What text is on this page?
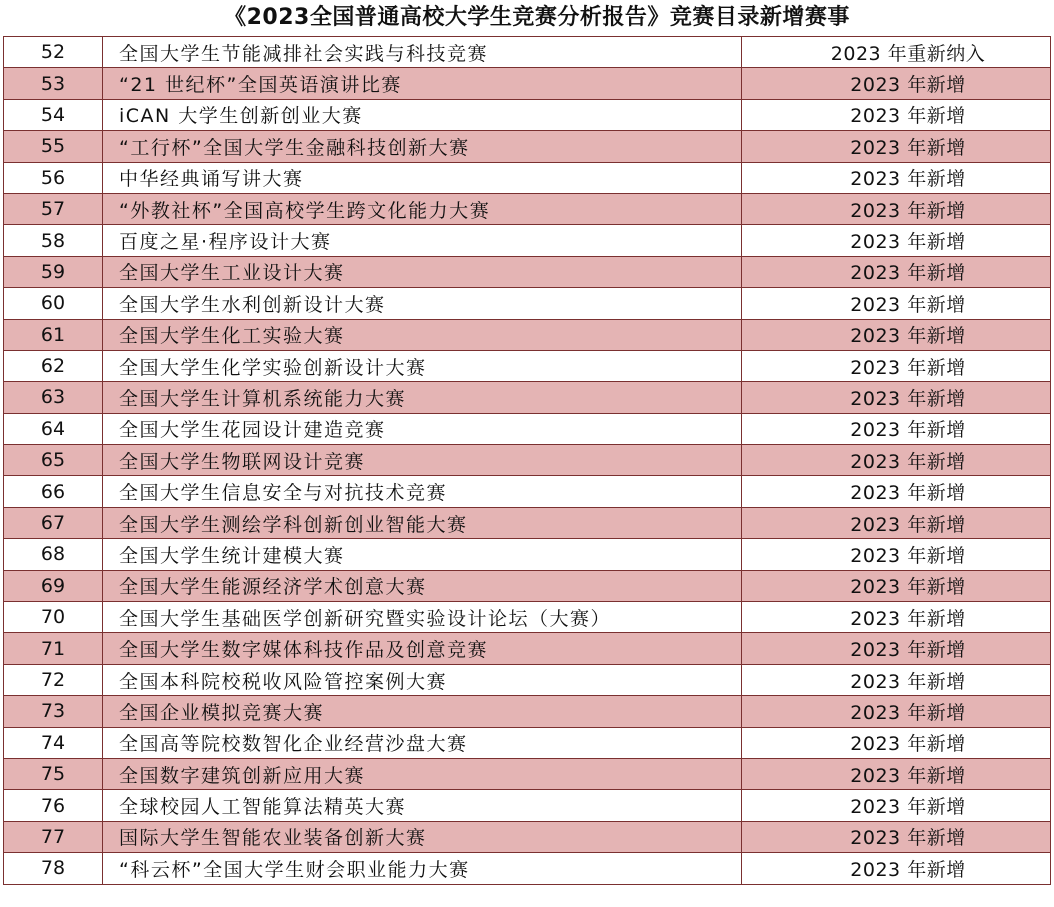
《2023全国普通高校大学生竞赛分析报告》竞赛目录新增赛事
52	全国大学生节能减排社会实践与科技竞赛	2023 年重新纳入
53	“21 世纪杯”全国英语演讲比赛	2023 年新增
54	iCAN 大学生创新创业大赛	2023 年新增
55	“工行杯”全国大学生金融科技创新大赛	2023 年新增
56	中华经典诵写讲大赛	2023 年新增
57	“外教社杯”全国高校学生跨文化能力大赛	2023 年新增
58	百度之星·程序设计大赛	2023 年新增
59	全国大学生工业设计大赛	2023 年新增
60	全国大学生水利创新设计大赛	2023 年新增
61	全国大学生化工实验大赛	2023 年新增
62	全国大学生化学实验创新设计大赛	2023 年新增
63	全国大学生计算机系统能力大赛	2023 年新增
64	全国大学生花园设计建造竞赛	2023 年新增
65	全国大学生物联网设计竞赛	2023 年新增
66	全国大学生信息安全与对抗技术竞赛	2023 年新增
67	全国大学生测绘学科创新创业智能大赛	2023 年新增
68	全国大学生统计建模大赛	2023 年新增
69	全国大学生能源经济学术创意大赛	2023 年新增
70	全国大学生基础医学创新研究暨实验设计论坛（大赛）	2023 年新增
71	全国大学生数字媒体科技作品及创意竞赛	2023 年新增
72	全国本科院校税收风险管控案例大赛	2023 年新增
73	全国企业模拟竞赛大赛	2023 年新增
74	全国高等院校数智化企业经营沙盘大赛	2023 年新增
75	全国数字建筑创新应用大赛	2023 年新增
76	全球校园人工智能算法精英大赛	2023 年新增
77	国际大学生智能农业装备创新大赛	2023 年新增
78	“科云杯”全国大学生财会职业能力大赛	2023 年新增
